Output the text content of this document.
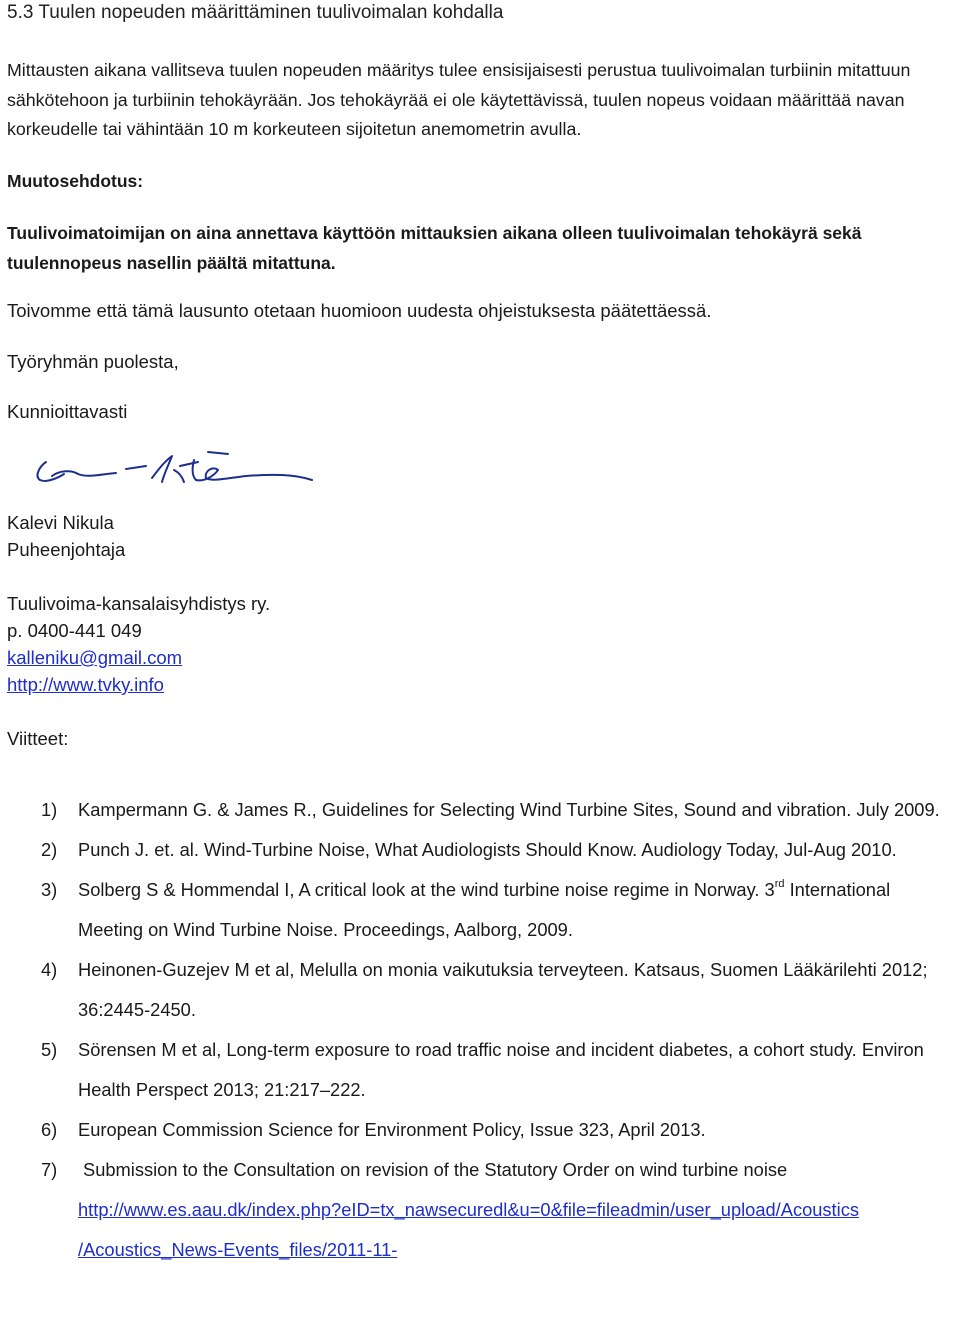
5.3 Tuulen nopeuden määrittäminen tuulivoimalan kohdalla

Mittausten aikana vallitseva tuulen nopeuden määritys tulee ensisijaisesti perustua tuulivoimalan turbiinin mitattuun sähkötehoon ja turbiinin tehokäyrään. Jos tehokäyrää ei ole käytettävissä, tuulen nopeus voidaan määrittää navan korkeudelle tai vähintään 10 m korkeuteen sijoitetun anemometrin avulla.

Muutosehdotus:

Tuulivoimatoimijan on aina annettava käyttöön mittauksien aikana olleen tuulivoimalan tehokäyrä sekä tuulennopeus nasellin päältä mitattuna.

Toivomme että tämä lausunto otetaan huomioon uudesta ohjeistuksesta päätettäessä.

Työryhmän puolesta,

Kunnioittavasti

Kalevi Nikula

Puheenjohtaja

Tuulivoima-kansalaisyhdistys ry.

p. 0400-441 049

kalleniku@gmail.com

http://www.tvky.info

Viitteet:

1) Kampermann G. & James R., Guidelines for Selecting Wind Turbine Sites, Sound and vibration. July 2009.
2) Punch J. et. al. Wind-Turbine Noise, What Audiologists Should Know. Audiology Today, Jul-Aug 2010.
3) Solberg S & Hommendal I, A critical look at the wind turbine noise regime in Norway. 3rd International Meeting on Wind Turbine Noise. Proceedings, Aalborg, 2009.
4) Heinonen-Guzejev M et al, Melulla on monia vaikutuksia terveyteen. Katsaus, Suomen Lääkärilehti 2012; 36:2445-2450.
5) Sörensen M et al, Long-term exposure to road traffic noise and incident diabetes, a cohort study. Environ Health Perspect 2013; 21:217–222.
6) European Commission Science for Environment Policy, Issue 323, April 2013.
7) Submission to the Consultation on revision of the Statutory Order on wind turbine noise
http://www.es.aau.dk/index.php?eID=tx_nawsecuredl&u=0&file=fileadmin/user_upload/Acoustics
/Acoustics_News-Events_files/2011-11-
